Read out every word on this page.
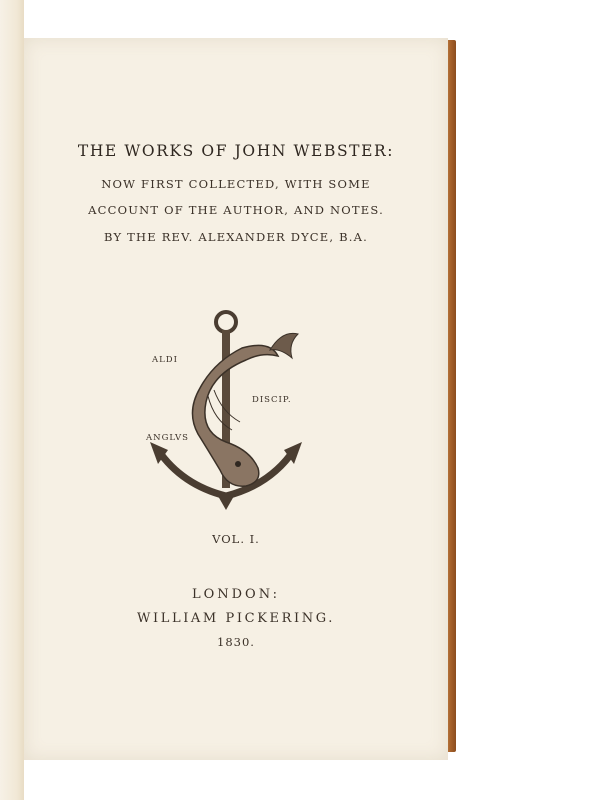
THE WORKS OF JOHN WEBSTER:
NOW FIRST COLLECTED, WITH SOME
ACCOUNT OF THE AUTHOR, AND NOTES.
BY THE REV. ALEXANDER DYCE, B.A.
ALDI
DISCIP.
ANGLVS
VOL. I.
LONDON:
WILLIAM PICKERING.
1830.
